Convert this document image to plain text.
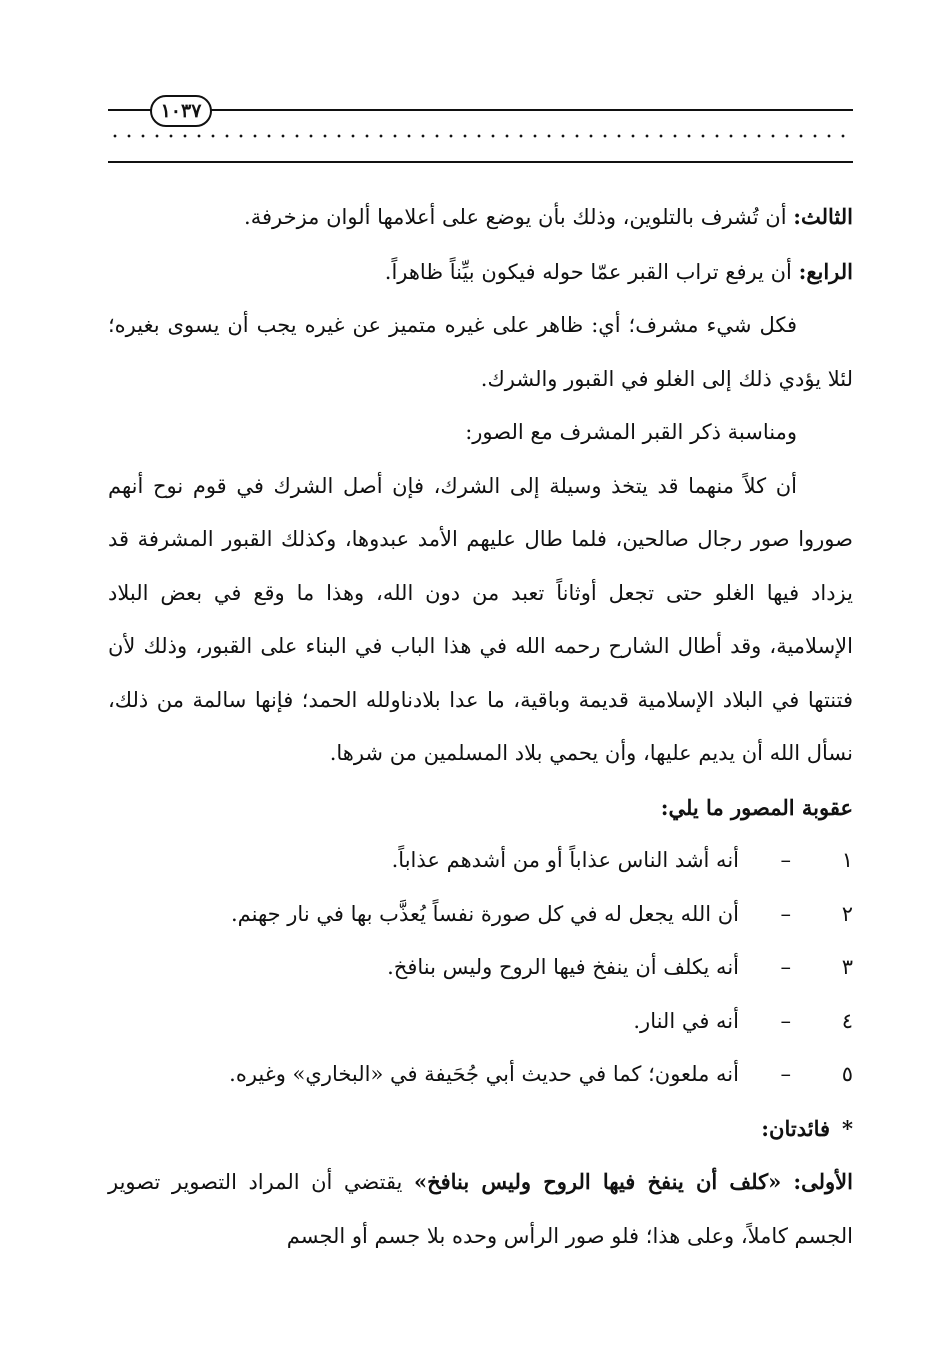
١٠٣٧

الثالث: أن تُشرف بالتلوين، وذلك بأن يوضع على أعلامها ألوان مزخرفة.

الرابع: أن يرفع تراب القبر عمّا حوله فيكون بيِّناً ظاهراً.

فكل شيء مشرف؛ أي: ظاهر على غيره متميز عن غيره يجب أن يسوى بغيره؛ لئلا يؤدي ذلك إلى الغلو في القبور والشرك.

ومناسبة ذكر القبر المشرف مع الصور:

أن كلاً منهما قد يتخذ وسيلة إلى الشرك، فإن أصل الشرك في قوم نوح أنهم صوروا صور رجال صالحين، فلما طال عليهم الأمد عبدوها، وكذلك القبور المشرفة قد يزداد فيها الغلو حتى تجعل أوثاناً تعبد من دون الله، وهذا ما وقع في بعض البلاد الإسلامية، وقد أطال الشارح رحمه الله في هذا الباب في البناء على القبور، وذلك لأن فتنتها في البلاد الإسلامية قديمة وباقية، ما عدا بلادناولله الحمد؛ فإنها سالمة من ذلك، نسأل الله أن يديم عليها، وأن يحمي بلاد المسلمين من شرها.

عقوبة المصور ما يلي:

١
–
أنه أشد الناس عذاباً أو من أشدهم عذاباً.
٢
–
أن الله يجعل له في كل صورة نفساً يُعذَّب بها في نار جهنم.
٣
–
أنه يكلف أن ينفخ فيها الروح وليس بنافخ.
٤
–
أنه في النار.
٥
–
أنه ملعون؛ كما في حديث أبي جُحَيفة في «البخاري» وغيره.

*فائدتان:

الأولى: «كلف أن ينفخ فيها الروح وليس بنافخ» يقتضي أن المراد التصوير تصوير الجسم كاملاً، وعلى هذا؛ فلو صور الرأس وحده بلا جسم أو الجسم
